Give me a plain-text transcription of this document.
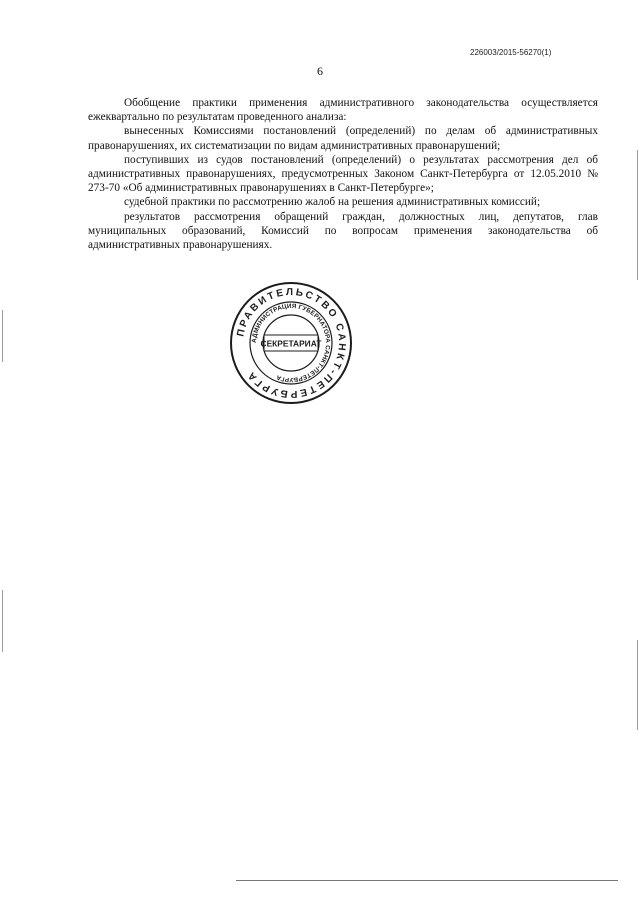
226003/2015-56270(1)
6

Обобщение практики применения административного законодательства осуществляется ежеквартально по результатам проведенного анализа:

вынесенных Комиссиями постановлений (определений) по делам об административных правонарушениях, их систематизации по видам административных правонарушений;

поступивших из судов постановлений (определений) о результатах рассмотрения дел об административных правонарушениях, предусмотренных Законом Санкт-Петербурга от 12.05.2010 № 273-70 «Об административных правонарушениях в Санкт-Петербурге»;

судебной практики по рассмотрению жалоб на решения административных комиссий;

результатов рассмотрения обращений граждан, должностных лиц, депутатов, глав муниципальных образований, Комиссий по вопросам применения законодательства об административных правонарушениях.

ПРАВИТЕЛЬСТВО САНКТ-ПЕТЕРБУРГА
АДМИНИСТРАЦИЯ ГУБЕРНАТОРА САНКТ-ПЕТЕРБУРГА
СЕКРЕТАРИАТ
